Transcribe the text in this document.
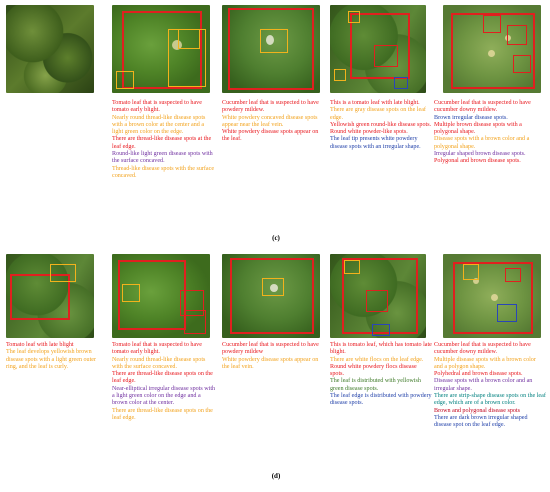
Tomato leaf that is suspected to have tomato early blight.

Nearly round thread-like disease spots with a brown color at the center and a light green color on the edge.

There are thread-like disease spots at the leaf edge.

Round-like light green disease spots with the surface concaved.

Thread-like disease spots with the surface concaved.

Cucumber leaf that is suspected to have powdery mildew.

White powdery concaved disease spots appear near the leaf vein.

White powdery disease spots appear on the leaf.

This is a tomato leaf with late blight.

There are gray disease spots on the leaf edge.

Yellowish green round-like disease spots.

Round white powder-like spots.

The leaf tip presents white powdery disease spots with an irregular shape.

Cucumber leaf that is suspected to have cucumber downy mildew.

Brown irregular disease spots.

Multiple brown disease spots with a polygonal shape.

Disease spots with a brown color and a polygonal shape.

Irregular shaped brown disease spots.

Polygonal and brown disease spots.

(c)

Tomato leaf with late blight

The leaf develops yellowish brown disease spots with a light green outer ring, and the leaf is curly.

Tomato leaf that is suspected to have tomato early blight.

Nearly round thread-like disease spots with the surface concaved.

There are thread-like disease spots on the leaf edge.

Near-elliptical irregular disease spots with a light green color on the edge and a brown color at the center.

There are thread-like disease spots on the leaf edge.

Cucumber leaf that is suspected to have powdery mildew

White powdery disease spots appear on the leaf vein.

This is tomato leaf, which has tomato late blight.

There are white flocs on the leaf edge.

Round white powdery flocs disease spots.

The leaf is distributed with yellowish green disease spots.

The leaf edge is distributed with powdery disease spots.

Cucumber leaf that is suspected to have cucumber downy mildew.

Multiple disease spots with a brown color and a polygon shape.

Polyhedral and brown disease spots.

Disease spots with a brown color and an irregular shape.

There are strip-shape disease spots on the leaf edge, which are of a brown color.

Brown and polygonal disease spots

There are dark brown irregular shaped disease spot on the leaf edge.

(d)
